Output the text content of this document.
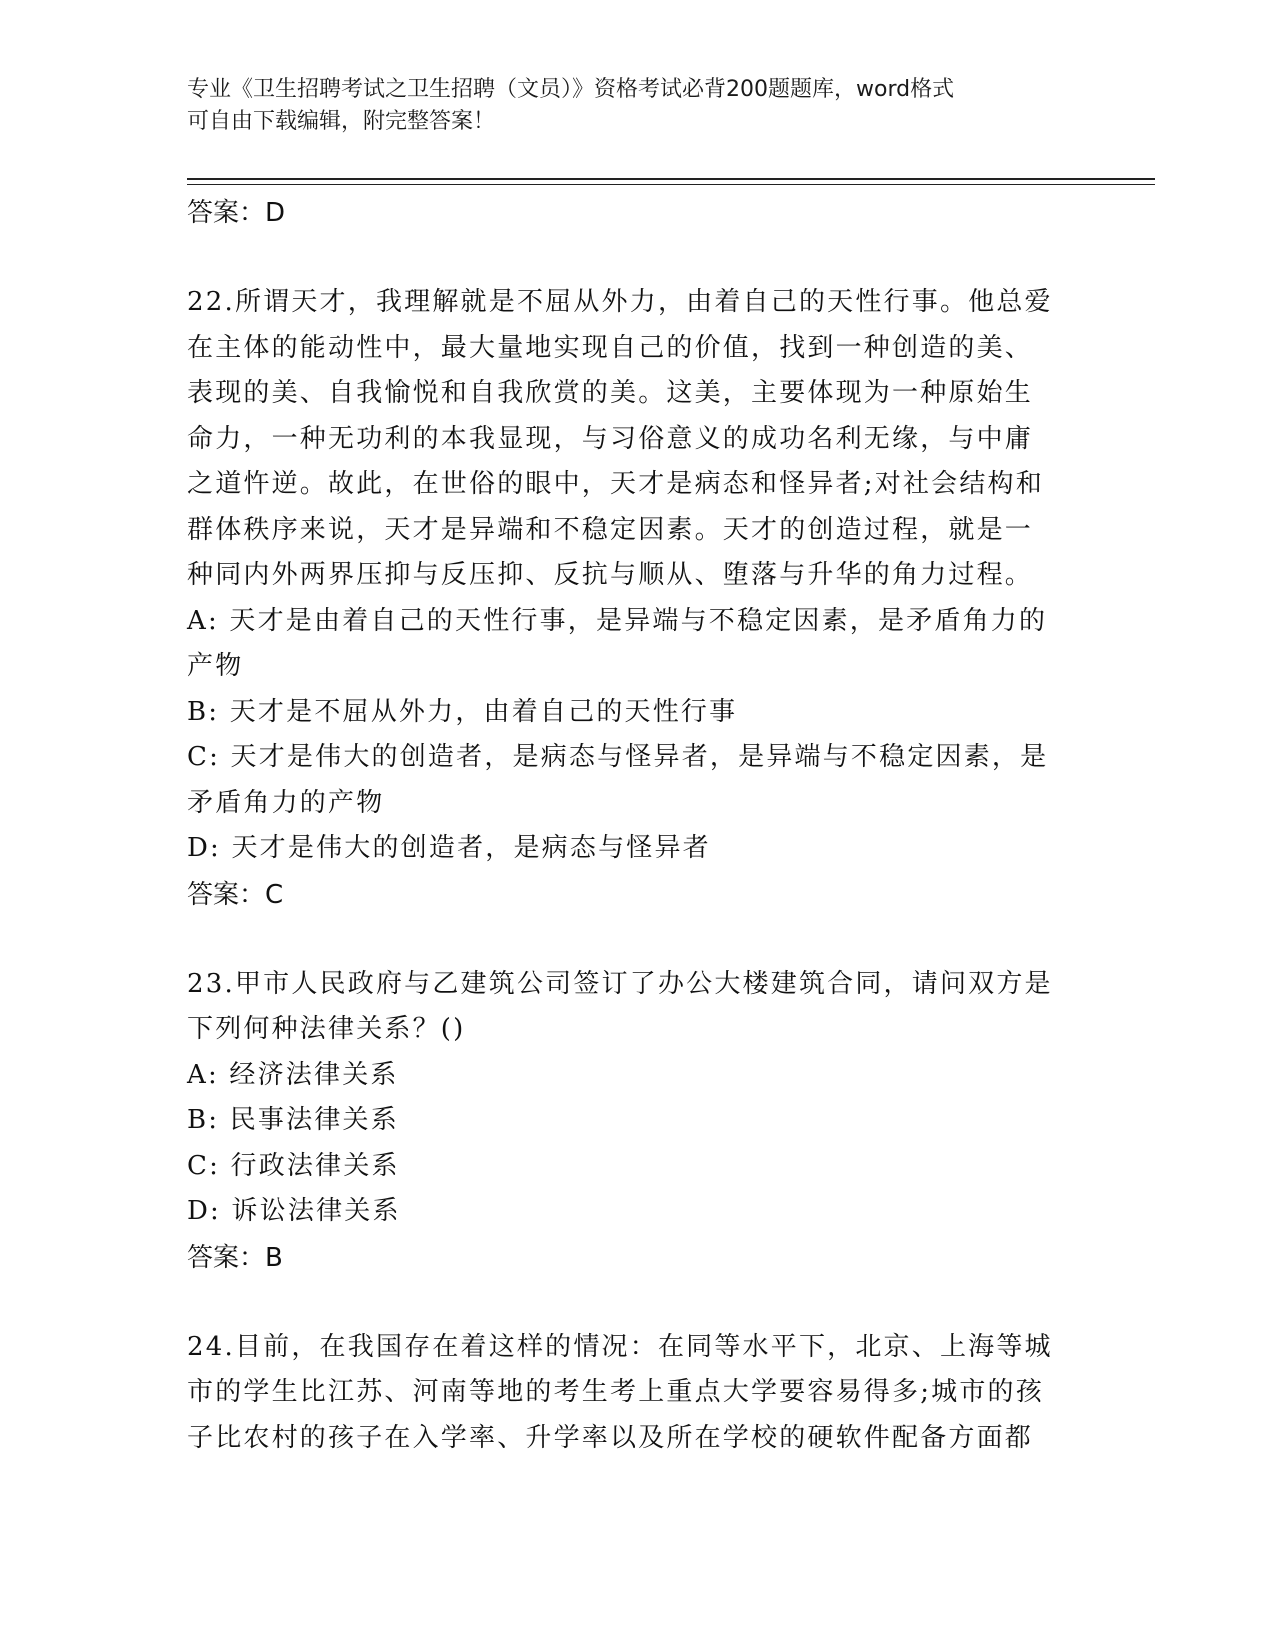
专业《卫生招聘考试之卫生招聘（文员）》资格考试必背200题题库，word格式
可自由下载编辑，附完整答案！

答案：D

22.所谓天才，我理解就是不屈从外力，由着自己的天性行事。他总爱

在主体的能动性中，最大量地实现自己的价值，找到一种创造的美、

表现的美、自我愉悦和自我欣赏的美。这美，主要体现为一种原始生

命力，一种无功利的本我显现，与习俗意义的成功名利无缘，与中庸

之道忤逆。故此，在世俗的眼中，天才是病态和怪异者;对社会结构和

群体秩序来说，天才是异端和不稳定因素。天才的创造过程，就是一

种同内外两界压抑与反压抑、反抗与顺从、堕落与升华的角力过程。

A: 天才是由着自己的天性行事，是异端与不稳定因素，是矛盾角力的

产物

B: 天才是不屈从外力，由着自己的天性行事

C: 天才是伟大的创造者，是病态与怪异者，是异端与不稳定因素，是

矛盾角力的产物

D: 天才是伟大的创造者，是病态与怪异者

答案：C

23.甲市人民政府与乙建筑公司签订了办公大楼建筑合同，请问双方是

下列何种法律关系？()

A: 经济法律关系

B: 民事法律关系

C: 行政法律关系

D: 诉讼法律关系

答案：B

24.目前，在我国存在着这样的情况：在同等水平下，北京、上海等城

市的学生比江苏、河南等地的考生考上重点大学要容易得多;城市的孩

子比农村的孩子在入学率、升学率以及所在学校的硬软件配备方面都
